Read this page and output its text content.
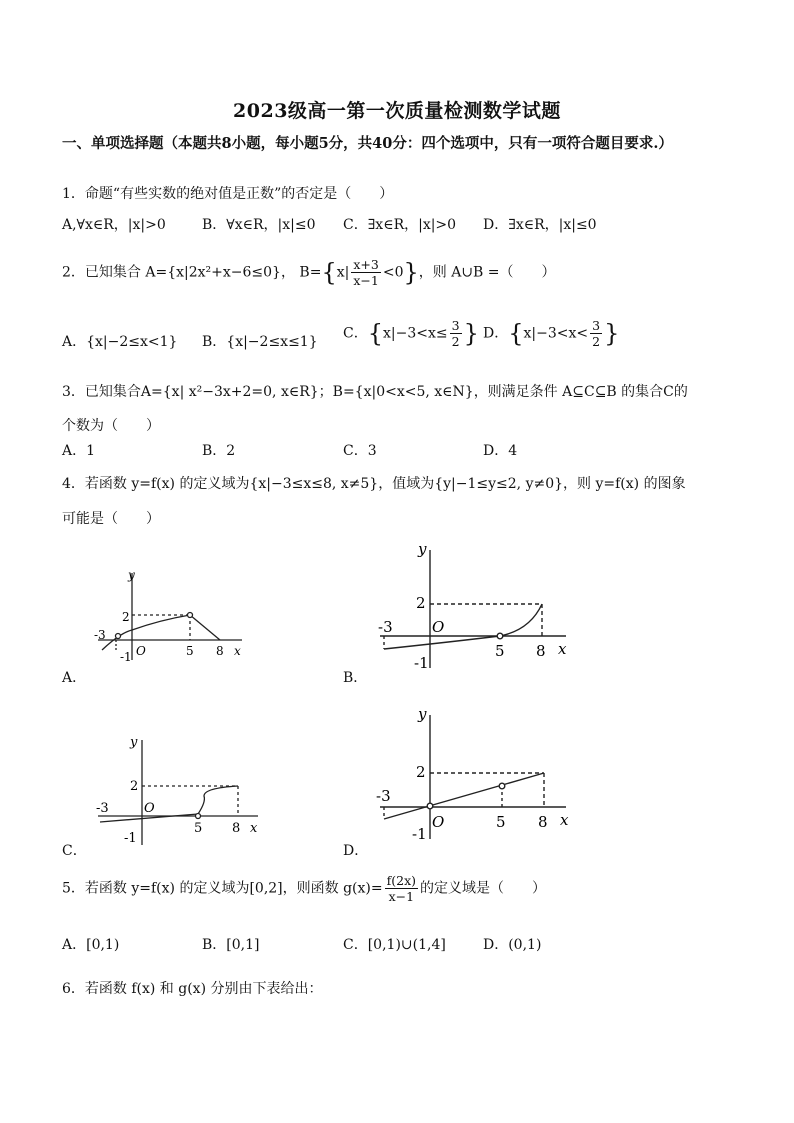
2023级高一第一次质量检测数学试题
一、单项选择题（本题共8小题，每小题5分，共40分：四个选项中，只有一项符合题目要求.）
1．命题“有些实数的绝对值是正数”的否定是（　　）
A,∀x∈R，|x|>0	B．∀x∈R，|x|≤0 C．∃x∈R，|x|>0 D．∃x∈R，|x|≤0
2．已知集合 A={x|2x²+x−6≤0}， $B=\{x| \frac{x+3}{x-1} <0\}$，则 A∪B =（　　）
A．{x|−2≤x<1} B．{x|−2≤x≤1}
C．{$x|-3<x\le \frac{3}{2}$ } D．{$x|-3<x< \frac{3}{2}$ }
3．已知集合A={x| x²−3x+2=0, x∈R}；B={x|0<x<5, x∈N}，则满足条件 A⊆C⊆B 的集合C的
个数为（　　）
A．1	B．2	C．3	D．4
4．若函数 y=f(x) 的定义域为{x|−3≤x≤8, x≠5}，值域为{y|−1≤y≤2, y≠0}，则 y=f(x) 的图象
可能是（　　）
y
x
O
-3
2
-1	5 8
A．
y
x
O
-3
2
-1
5 8
B．
y
x
O
-3
2
-1
5 8
C．
y
x
O
-3
2
-1
5 8
D．
5．若函数 y=f(x) 的定义域为[0,2]，则函数 $g(x)= \frac{f(2x)}{x-1}$ 的定义域是（　　）
A．[0,1)	B．[0,1]	C．[0,1)∪(1,4]	D．(0,1)
6．若函数 f(x) 和 g(x) 分别由下表给出：
